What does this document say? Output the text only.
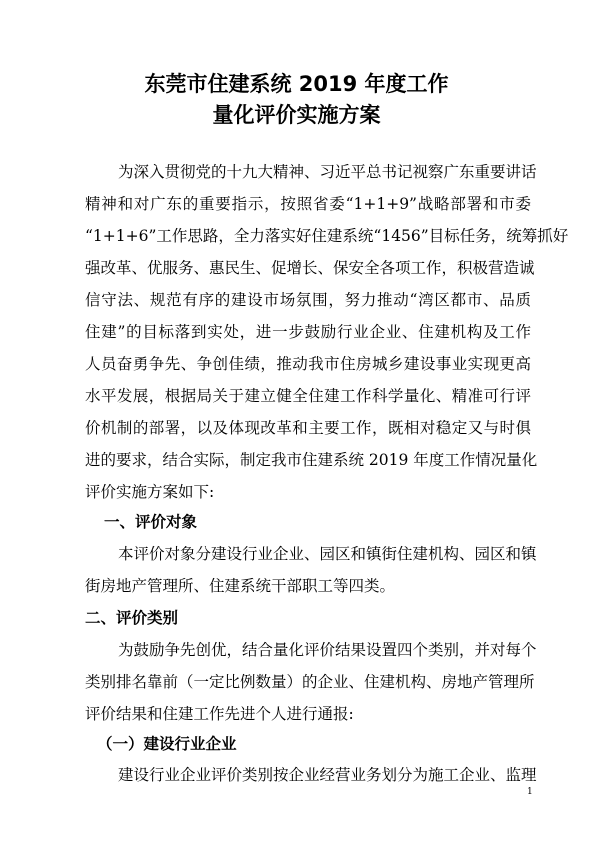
东莞市住建系统 2019 年度工作
量化评价实施方案
为深入贯彻党的十九大精神、习近平总书记视察广东重要讲话
精神和对广东的重要指示，按照省委“1+1+9”战略部署和市委
“1+1+6”工作思路，全力落实好住建系统“1456”目标任务，统筹抓好
强改革、优服务、惠民生、促增长、保安全各项工作，积极营造诚
信守法、规范有序的建设市场氛围，努力推动“湾区都市、品质
住建”的目标落到实处，进一步鼓励行业企业、住建机构及工作
人员奋勇争先、争创佳绩，推动我市住房城乡建设事业实现更高
水平发展，根据局关于建立健全住建工作科学量化、精准可行评
价机制的部署，以及体现改革和主要工作，既相对稳定又与时俱
进的要求，结合实际，制定我市住建系统 2019 年度工作情况量化
评价实施方案如下:
一、评价对象
本评价对象分建设行业企业、园区和镇街住建机构、园区和镇
街房地产管理所、住建系统干部职工等四类。
二、评价类别
为鼓励争先创优，结合量化评价结果设置四个类别，并对每个
类别排名靠前（一定比例数量）的企业、住建机构、房地产管理所
评价结果和住建工作先进个人进行通报:
（一）建设行业企业
建设行业企业评价类别按企业经营业务划分为施工企业、监理
1
